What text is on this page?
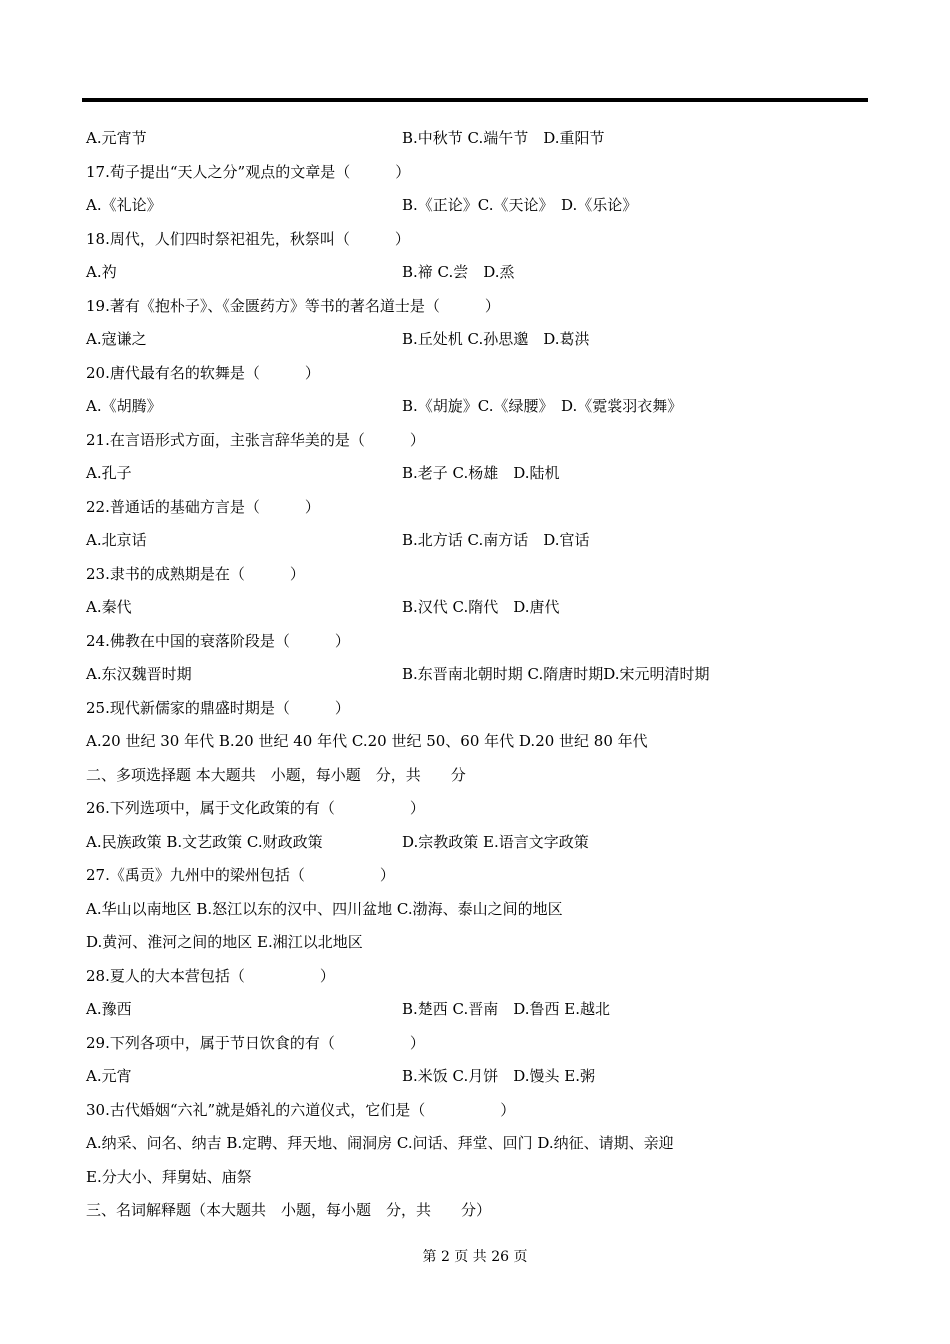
A.元宵节	B.中秋节 C.端午节　D.重阳节
17.荀子提出“天人之分”观点的文章是（　　　）
A.《礼论》	B.《正论》C.《天论》　D.《乐论》
18.周代，人们四时祭祀祖先，秋祭叫（　　　）
A.礿	B.禘 C.尝　D.烝
19.著有《抱朴子》、《金匮药方》等书的著名道士是（　　　）
A.寇谦之	B.丘处机 C.孙思邈　D.葛洪
20.唐代最有名的软舞是（　　　）
A.《胡腾》	B.《胡旋》C.《绿腰》　D.《霓裳羽衣舞》
21.在言语形式方面，主张言辞华美的是（　　　）
A.孔子	B.老子 C.杨雄　D.陆机
22.普通话的基础方言是（　　　）
A.北京话	B.北方话 C.南方话　D.官话
23.隶书的成熟期是在（　　　）
A.秦代	B.汉代 C.隋代　D.唐代
24.佛教在中国的衰落阶段是（　　　）
A.东汉魏晋时期	B.东晋南北朝时期 C.隋唐时期D.宋元明清时期
25.现代新儒家的鼎盛时期是（　　　）
A.20 世纪 30 年代 B.20 世纪 40 年代 C.20 世纪 50、60 年代 D.20 世纪 80 年代
二、多项选择题 本大题共　小题，每小题　分，共　　分
26.下列选项中，属于文化政策的有（　　　　　）
A.民族政策 B.文艺政策 C.财政政策	D.宗教政策 E.语言文字政策
27.《禹贡》九州中的梁州包括（　　　　　）
A.华山以南地区 B.怒江以东的汉中、四川盆地 C.渤海、泰山之间的地区
D.黄河、淮河之间的地区 E.湘江以北地区
28.夏人的大本营包括（　　　　　）
A.豫西	B.楚西 C.晋南　D.鲁西 E.越北
29.下列各项中，属于节日饮食的有（　　　　　）
A.元宵	B.米饭 C.月饼　D.馒头 E.粥
30.古代婚姻“六礼”就是婚礼的六道仪式，它们是（　　　　　）
A.纳采、问名、纳吉 B.定聘、拜天地、闹洞房 C.问话、拜堂、回门 D.纳征、请期、亲迎
E.分大小、拜舅姑、庙祭
三、名词解释题（本大题共　小题，每小题　分，共　　分）
第 2 页 共 26 页
